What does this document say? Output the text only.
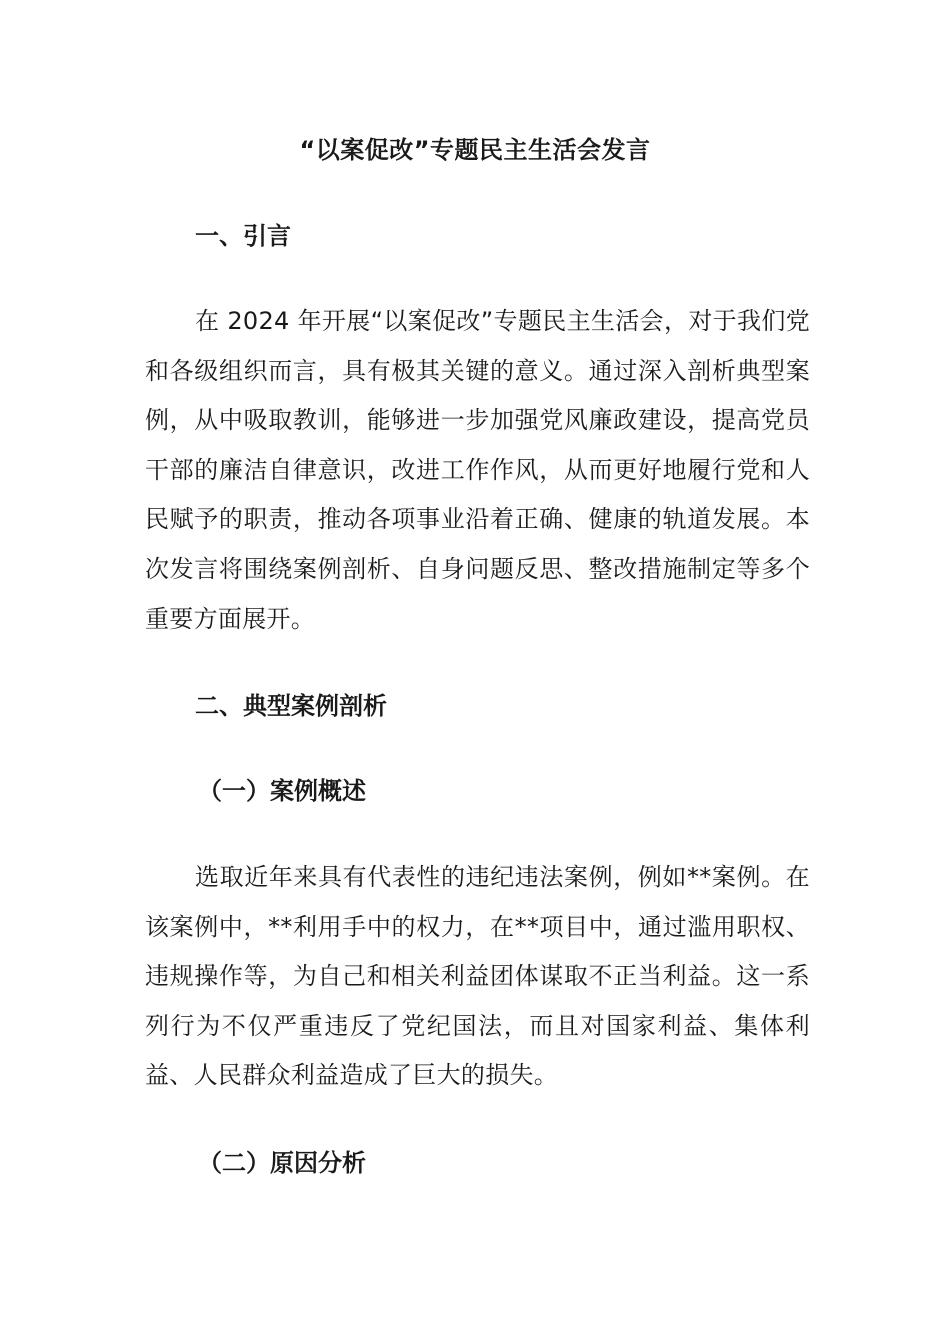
“以案促改”专题民主生活会发言
一、引言

在 2024 年开展“以案促改”专题民主生活会，对于我们党和各级组织而言，具有极其关键的意义。通过深入剖析典型案例，从中吸取教训，能够进一步加强党风廉政建设，提高党员干部的廉洁自律意识，改进工作作风，从而更好地履行党和人民赋予的职责，推动各项事业沿着正确、健康的轨道发展。本次发言将围绕案例剖析、自身问题反思、整改措施制定等多个重要方面展开。

二、典型案例剖析
（一）案例概述

选取近年来具有代表性的违纪违法案例，例如**案例。在该案例中，**利用手中的权力，在**项目中，通过滥用职权、违规操作等，为自己和相关利益团体谋取不正当利益。这一系列行为不仅严重违反了党纪国法，而且对国家利益、集体利益、人民群众利益造成了巨大的损失。

（二）原因分析
